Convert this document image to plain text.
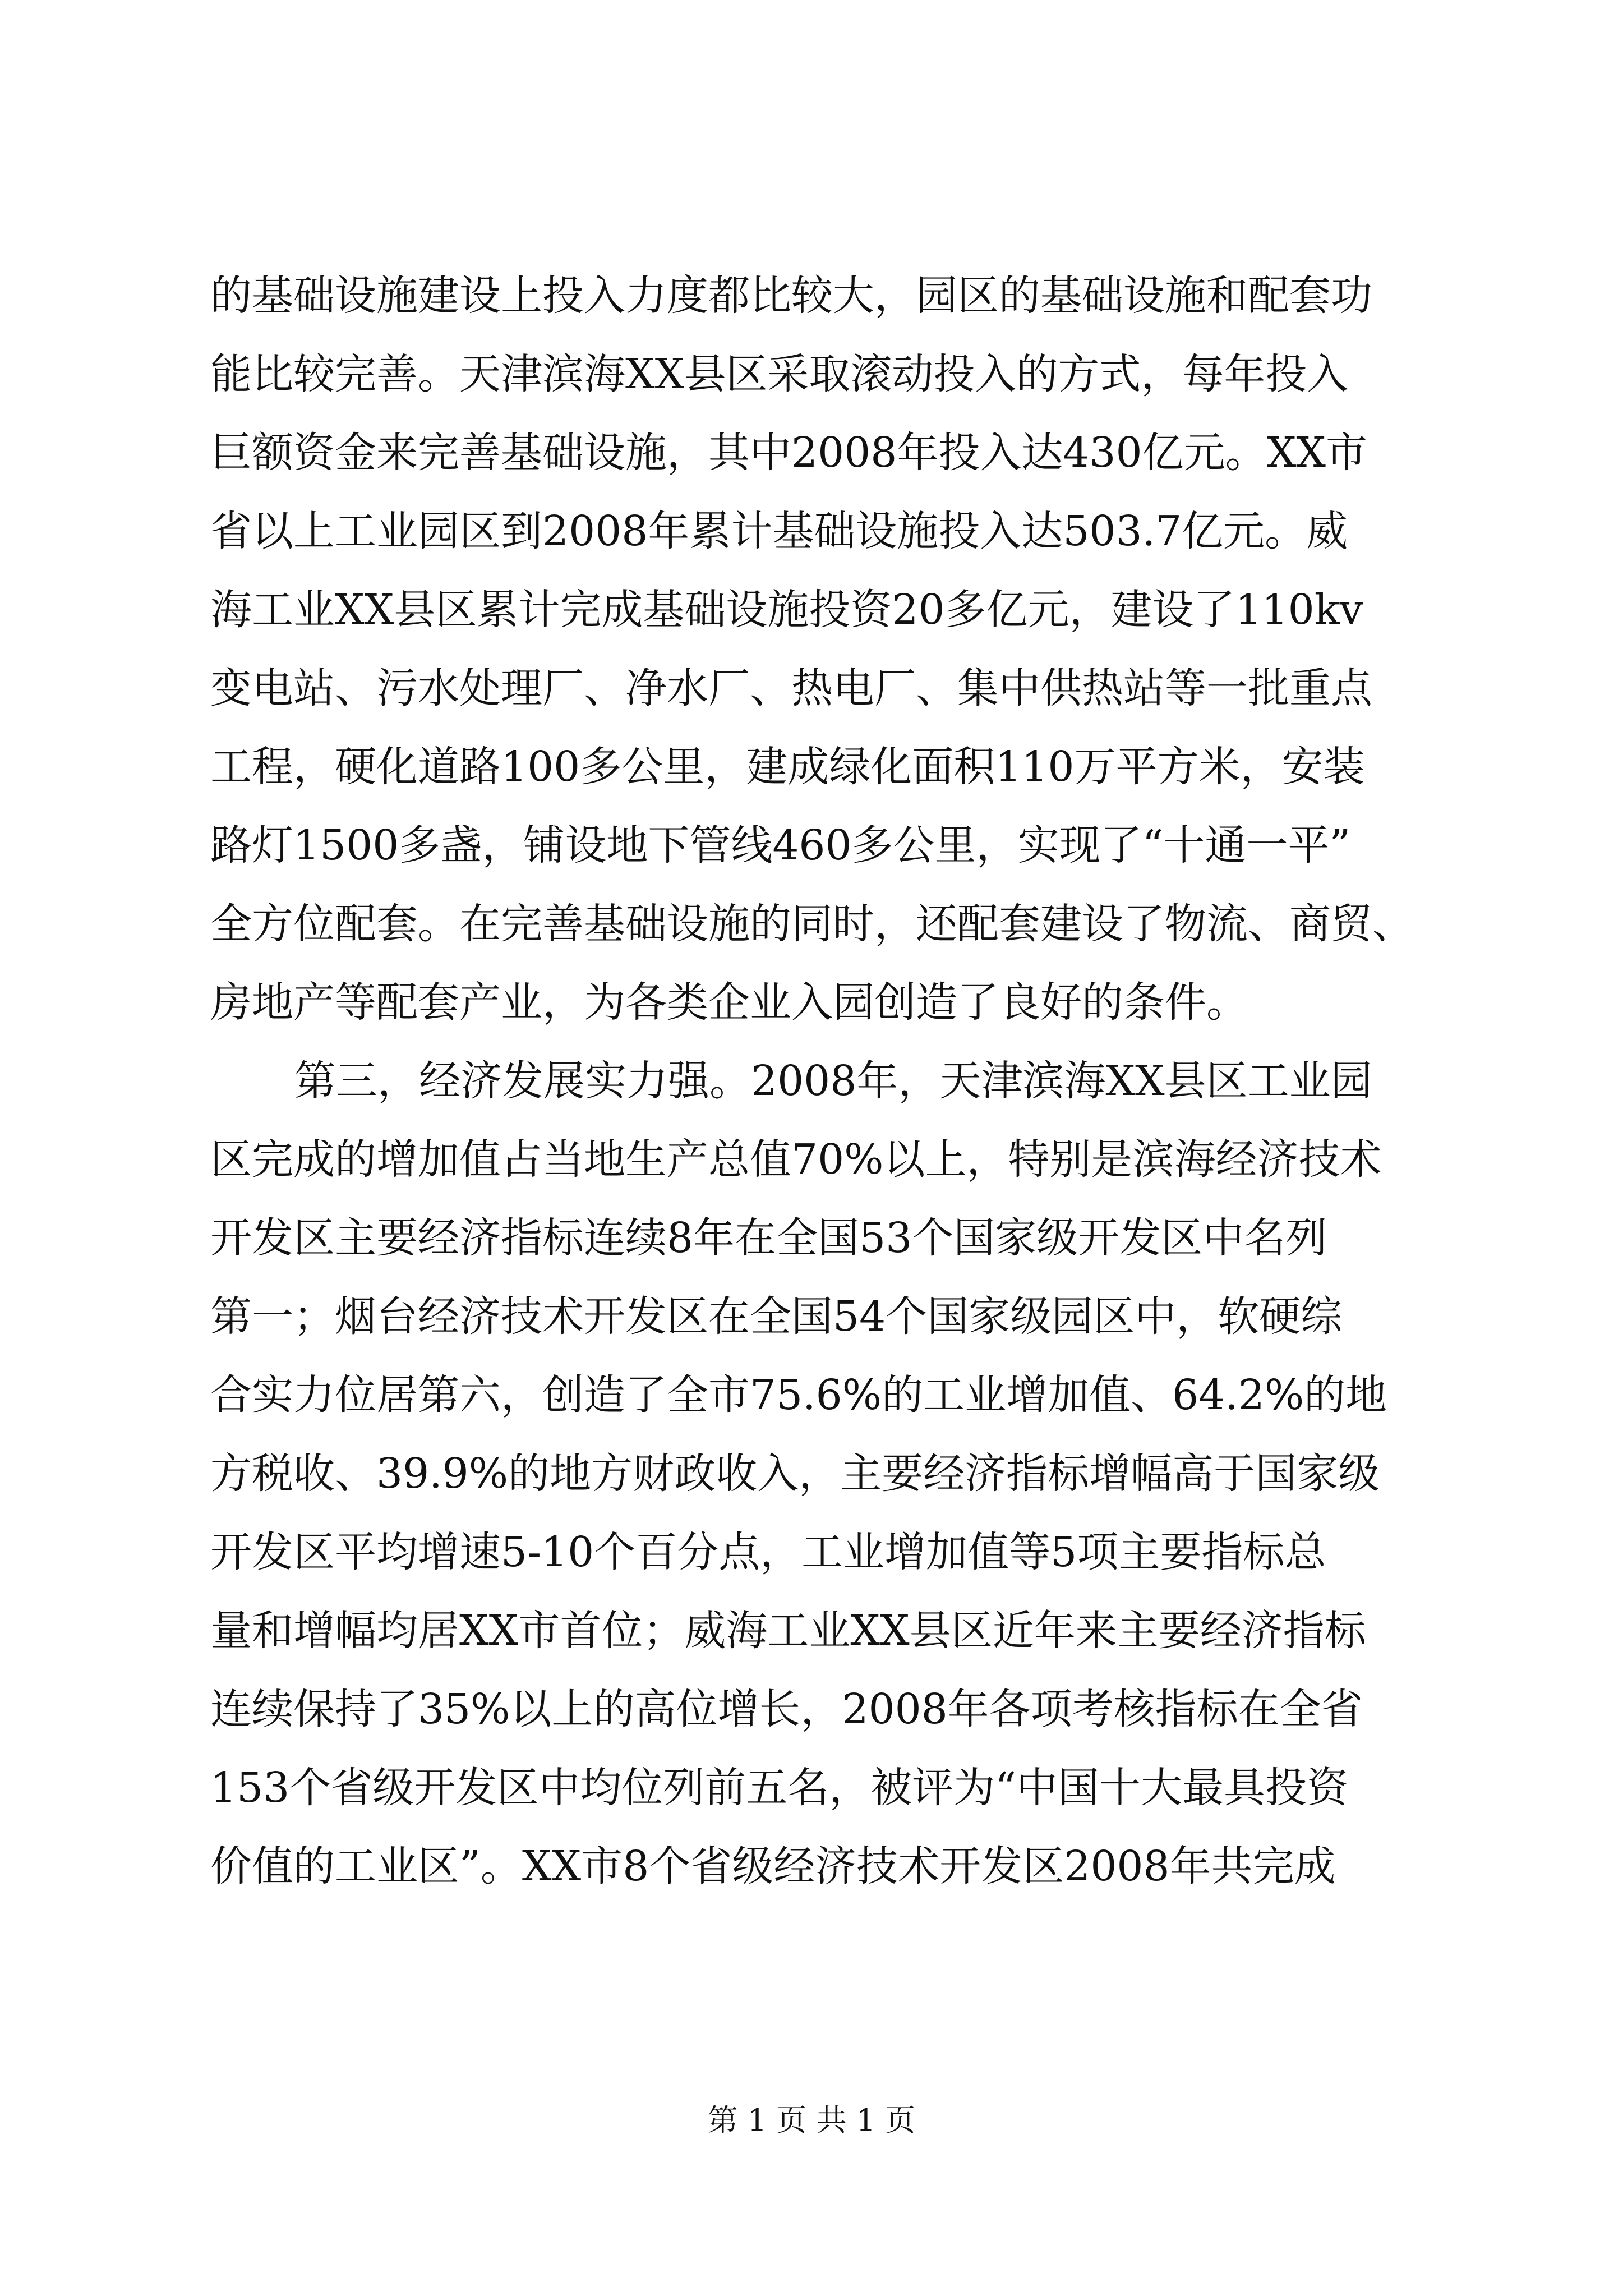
的基础设施建设上投入力度都比较大，园区的基础设施和配套功
能比较完善。天津滨海XX县区采取滚动投入的方式，每年投入
巨额资金来完善基础设施，其中2008年投入达430亿元。XX市
省以上工业园区到2008年累计基础设施投入达503.7亿元。威
海工业XX县区累计完成基础设施投资20多亿元，建设了110kv
变电站、污水处理厂、净水厂、热电厂、集中供热站等一批重点
工程，硬化道路100多公里，建成绿化面积110万平方米，安装
路灯1500多盏，铺设地下管线460多公里，实现了“十通一平”
全方位配套。在完善基础设施的同时，还配套建设了物流、商贸、
房地产等配套产业，为各类企业入园创造了良好的条件。
第三，经济发展实力强。2008年，天津滨海XX县区工业园
区完成的增加值占当地生产总值70%以上，特别是滨海经济技术
开发区主要经济指标连续8年在全国53个国家级开发区中名列
第一；烟台经济技术开发区在全国54个国家级园区中，软硬综
合实力位居第六，创造了全市75.6%的工业增加值、64.2%的地
方税收、39.9%的地方财政收入，主要经济指标增幅高于国家级
开发区平均增速5-10个百分点，工业增加值等5项主要指标总
量和增幅均居XX市首位；威海工业XX县区近年来主要经济指标
连续保持了35%以上的高位增长，2008年各项考核指标在全省
153个省级开发区中均位列前五名，被评为“中国十大最具投资
价值的工业区”。XX市8个省级经济技术开发区2008年共完成
第 1 页 共 1 页
